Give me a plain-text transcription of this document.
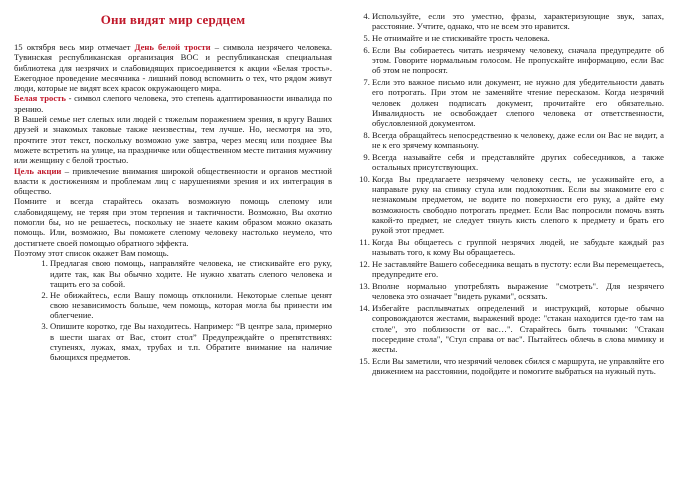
Они видят мир сердцем

15 октября весь мир отмечает День белой трости – символа незрячего человека. Тувинская республиканская организация ВОС и республиканская специальная библиотека для незрячих и слабовидящих присоединяется к акции «Белая трость». Ежегодное проведение месячника - лишний повод вспомнить о тех, что рядом живут люди, которые не видят всех красок окружающего мира.

Белая трость - символ слепого человека, это степень адаптированности инвалида по зрению.

В Вашей семье нет слепых или людей с тяжелым поражением зрения, в кругу Ваших друзей и знакомых таковые также неизвестны, тем лучше. Но, несмотря на это, прочтите этот текст, поскольку возможно уже завтра, через месяц или позднее Вы можете встретить на улице, на праздничке или общественном месте питания мужчину или женщину с белой тростью.

Цель акции – привлечение внимания широкой общественности и органов местной власти к достижениям и проблемам лиц с нарушениями зрения и их интеграция в общество.

Помните и всегда старайтесь оказать возможную помощь слепому или слабовидящему, не теряя при этом терпения и тактичности. Возможно, Вы охотно помогли бы, но не решаетесь, поскольку не знаете каким образом можно оказать помощь. Или, возможно, Вы поможете слепому человеку настолько неумело, что достигнете своей помощью обратного эффекта.

Поэтому этот список окажет Вам помощь.

1. Предлагая свою помощь, направляйте человека, не стискивайте его руку, идите так, как Вы обычно ходите. Не нужно хватать слепого человека и тащить его за собой.
2. Не обижайтесь, если Вашу помощь отклонили. Некоторые слепые ценят свою независимость больше, чем помощь, которая могла бы принести им облегчение.
3. Опишите коротко, где Вы находитесь. Например: “В центре зала, примерно в шести шагах от Вас, стоит стол” Предупреждайте о препятствиях: ступенях, лужах, ямах, трубах и т.п. Обратите внимание на наличие бьющихся предметов.
4. Используйте, если это уместно, фразы, характеризующие звук, запах, расстояние. Учтите, однако, что не всем это нравится.
5. Не отнимайте и не стискивайте трость человека.
6. Если Вы собираетесь читать незрячему человеку, сначала предупредите об этом. Говорите нормальным голосом. Не пропускайте информацию, если Вас об этом не попросят.
7. Если это важное письмо или документ, не нужно для убедительности давать его потрогать. При этом не заменяйте чтение пересказом. Когда незрячий человек должен подписать документ, прочитайте его обязательно. Инвалидность не освобождает слепого человека от ответственности, обусловленной документом.
8. Всегда обращайтесь непосредственно к человеку, даже если он Вас не видит, а не к его зрячему компаньону.
9. Всегда называйте себя и представляйте других собеседников, а также остальных присутствующих.
10. Когда Вы предлагаете незрячему человеку сесть, не усаживайте его, а направьте руку на спинку стула или подлокотник. Если вы знакомите его с незнакомым предметом, не водите по поверхности его руку, а дайте ему возможность свободно потрогать предмет. Если Вас попросили помочь взять какой-то предмет, не следует тянуть кисть слепого к предмету и брать его рукой этот предмет.
11. Когда Вы общаетесь с группой незрячих людей, не забудьте каждый раз называть того, к кому Вы обращаетесь.
12. Не заставляйте Вашего собеседника вещать в пустоту: если Вы перемещаетесь, предупредите его.
13. Вполне нормально употреблять выражение "смотреть". Для незрячего человека это означает "видеть руками", осязать.
14. Избегайте расплывчатых определений и инструкций, которые обычно сопровождаются жестами, выражений вроде: "стакан находится где-то там на столе", это пoблизости от вас…". Старайтесь быть точными: "Стакан посередине стола", "Стул справа от вас". Пытайтесь облечь в слова мимику и жесты.
15. Если Вы заметили, что незрячий человек сбился с маршрута, не управляйте его движением на расстоянии, подойдите и помогите выбраться на нужный путь.
